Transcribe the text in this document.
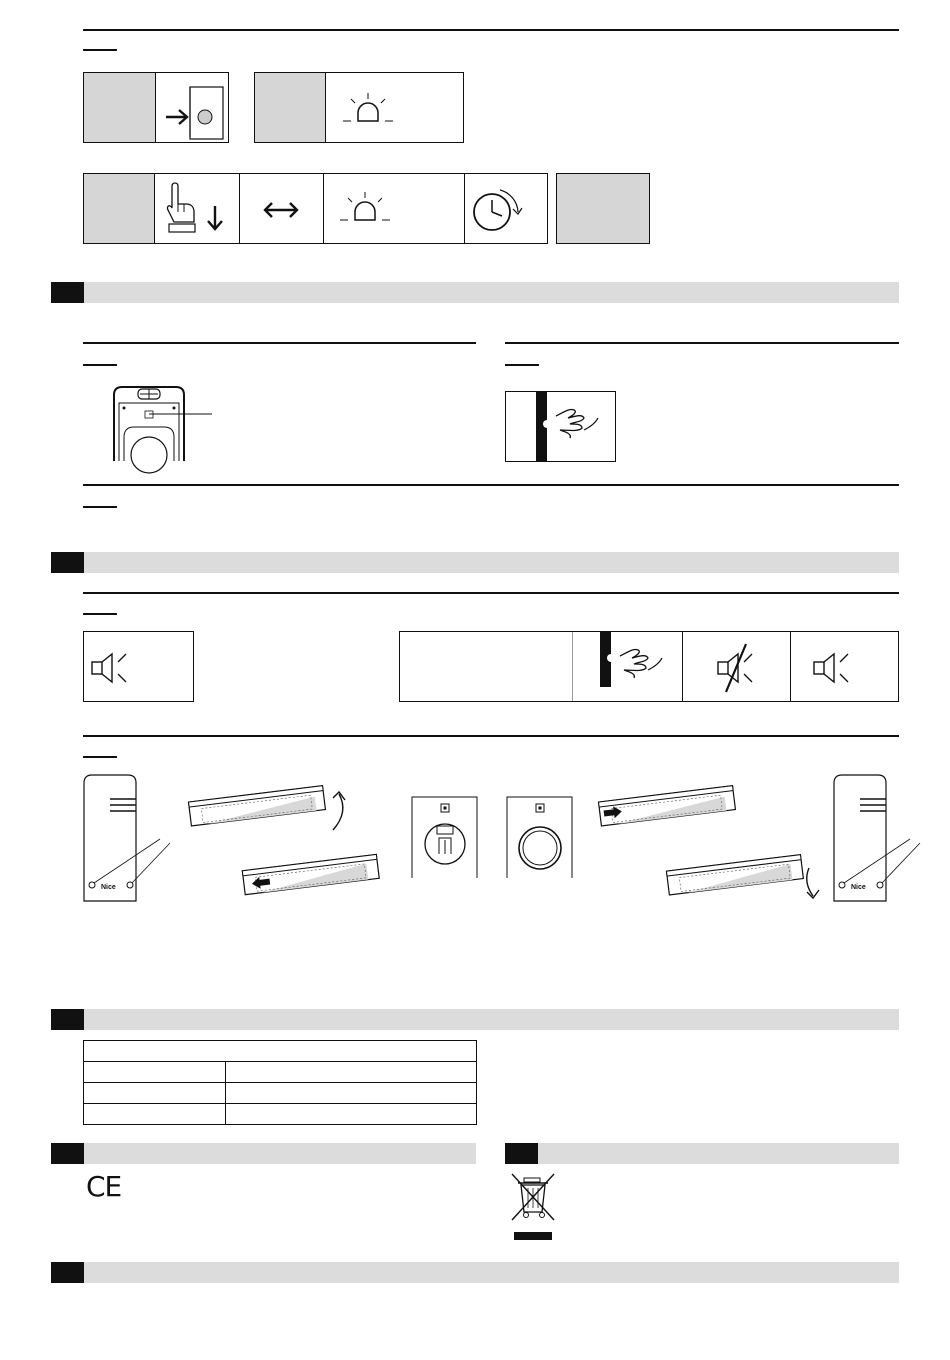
Nice	Nice

CE
